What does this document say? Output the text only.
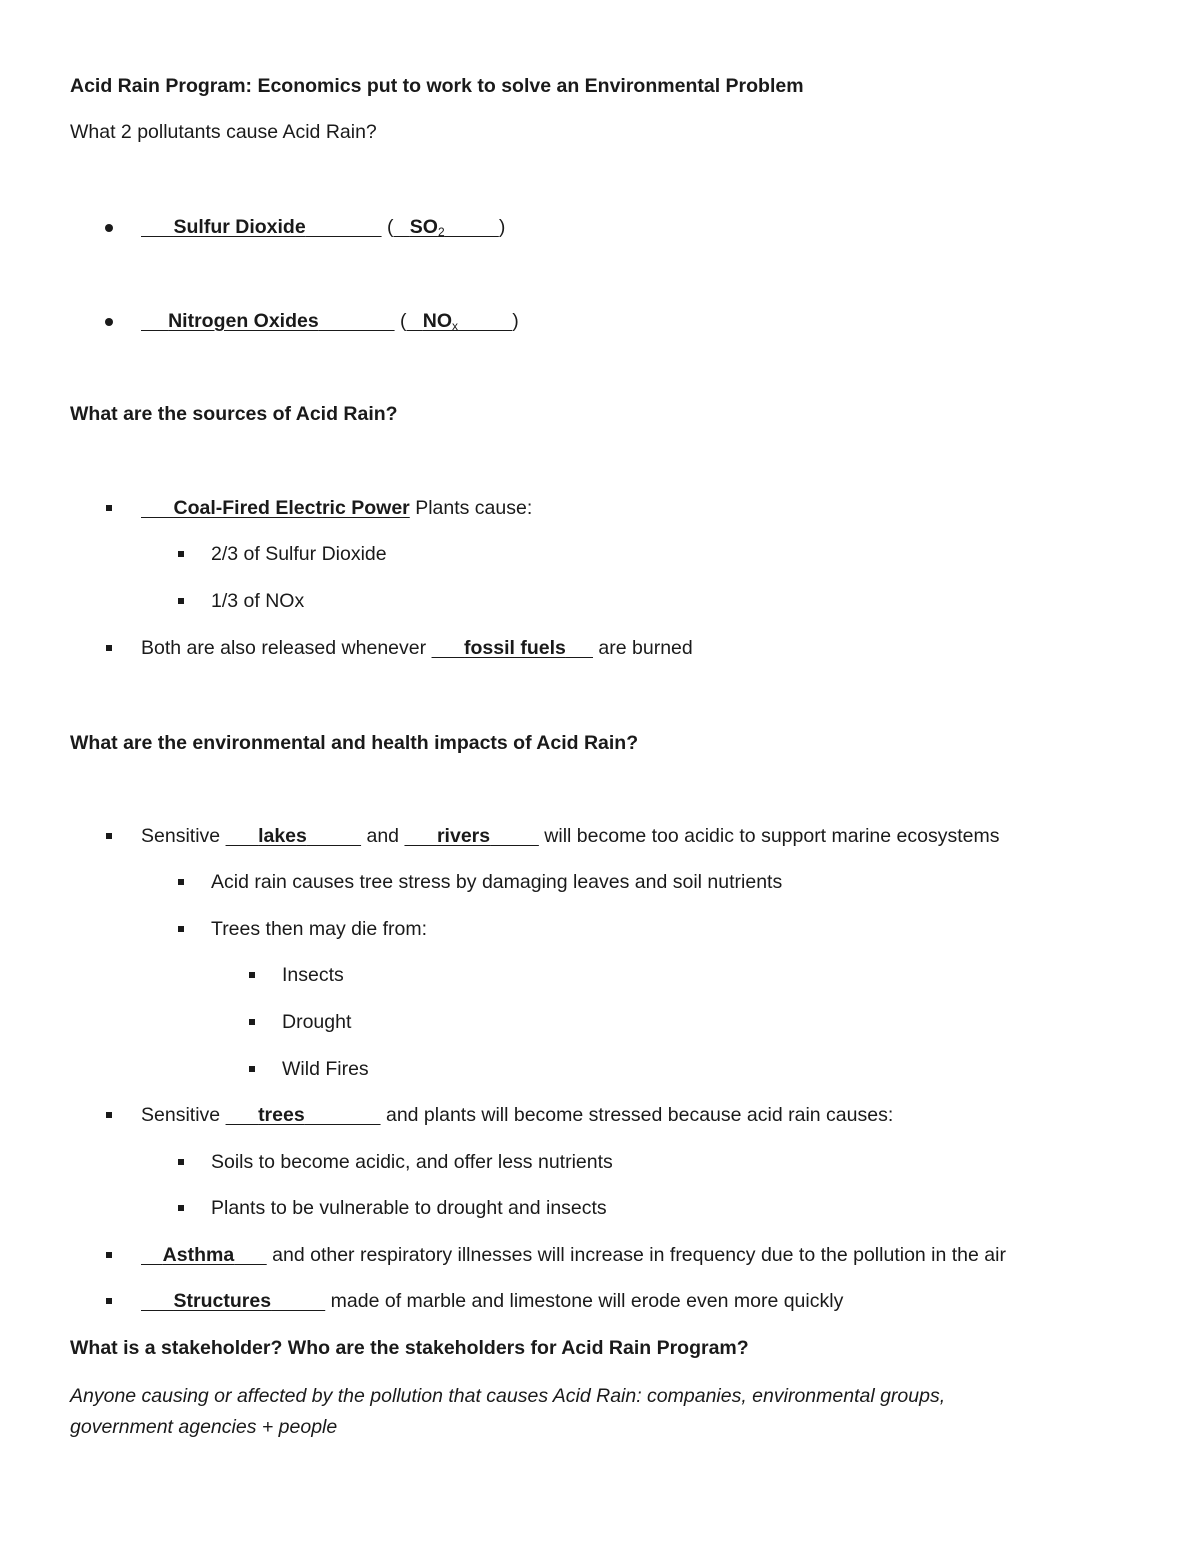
Acid Rain Program: Economics put to work to solve an Environmental Problem
What 2 pollutants cause Acid Rain?
Sulfur Dioxide	( $SO_2$	)
Nitrogen Oxides	( $NO_x$	)
What are the sources of Acid Rain?
Coal-Fired Electric Power Plants cause:
2/3 of Sulfur Dioxide
1/3 of NOx
Both are also released whenever fossil fuels are burned
What are the environmental and health impacts of Acid Rain?
Sensitive lakes	and rivers	will become too acidic to support marine ecosystems
Acid rain causes tree stress by damaging leaves and soil nutrients
Trees then may die from:
Insects
Drought
Wild Fires
Sensitive trees	and plants will become stressed because acid rain causes:
Soils to become acidic, and offer less nutrients
Plants to be vulnerable to drought and insects
Asthma and other respiratory illnesses will increase in frequency due to the pollution in the air
Structures	made of marble and limestone will erode even more quickly
What is a stakeholder? Who are the stakeholders for Acid Rain Program?
Anyone causing or affected by the pollution that causes Acid Rain: companies, environmental groups,
government agencies + people
